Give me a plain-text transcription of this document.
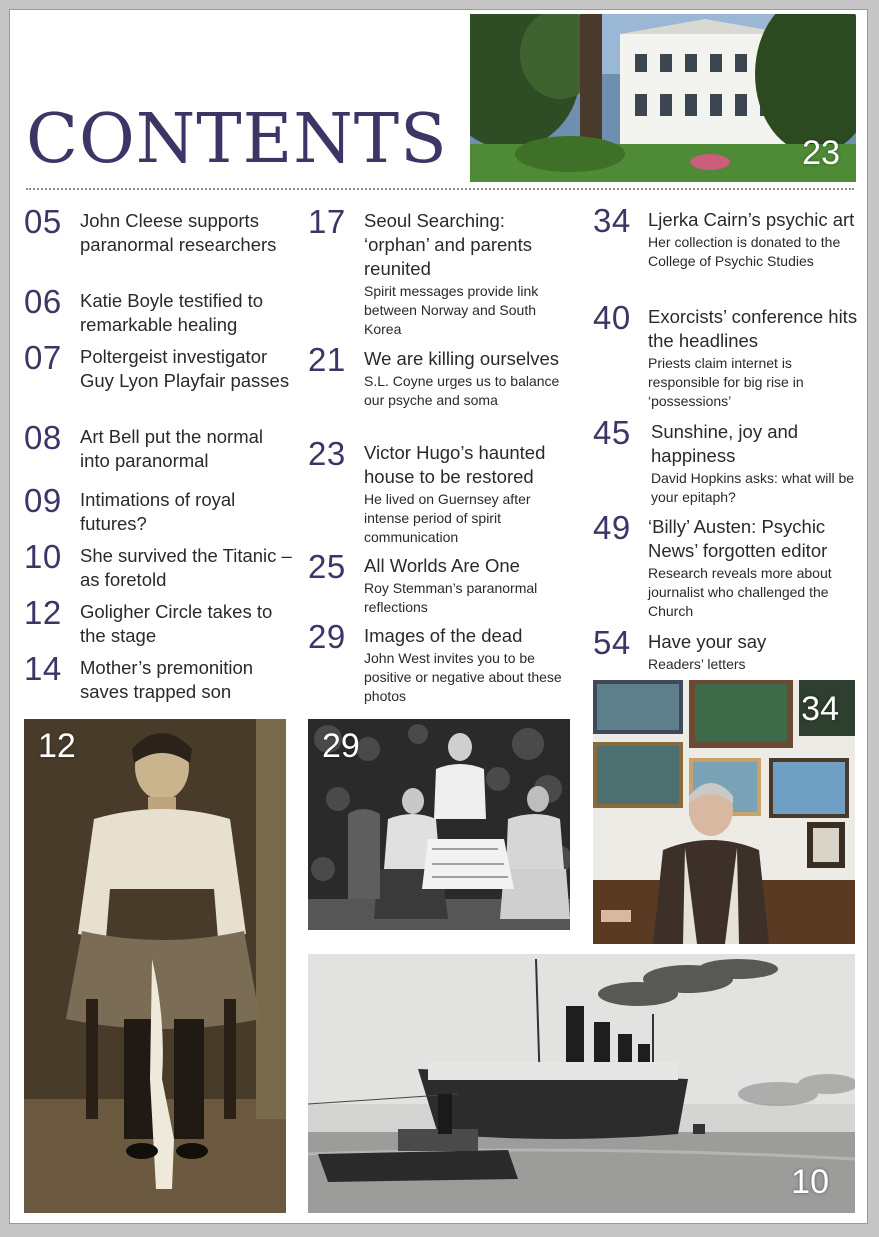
CONTENTS	23
05 John Cleese supports paranormal researchers
06 Katie Boyle testified to remarkable healing
07 Poltergeist investigator Guy Lyon Playfair passes
08 Art Bell put the normal into paranormal
09 Intimations of royal futures?
10 She survived the Titanic – as foretold
12 Goligher Circle takes to the stage
14 Mother’s premonition saves trapped son
17 Seoul Searching: ‘orphan’ and parents reunited
Spirit messages provide link between Norway and South Korea
21 We are killing ourselves
S.L. Coyne urges us to balance our psyche and soma
23 Victor Hugo’s haunted house to be restored
He lived on Guernsey after intense period of spirit communication
25 All Worlds Are One
Roy Stemman’s paranormal reflections
29 Images of the dead
John West invites you to be positive or negative about these photos
34 Ljerka Cairn’s psychic art
Her collection is donated to the College of Psychic Studies
40 Exorcists’ conference hits the headlines
Priests claim internet is responsible for big rise in ‘possessions’
45 Sunshine, joy and happiness
David Hopkins asks: what will be your epitaph?
49 ‘Billy’ Austen: Psychic News’ forgotten editor
Research reveals more about journalist who challenged the Church
54 Have your say
Readers’ letters
12	29
34
10
